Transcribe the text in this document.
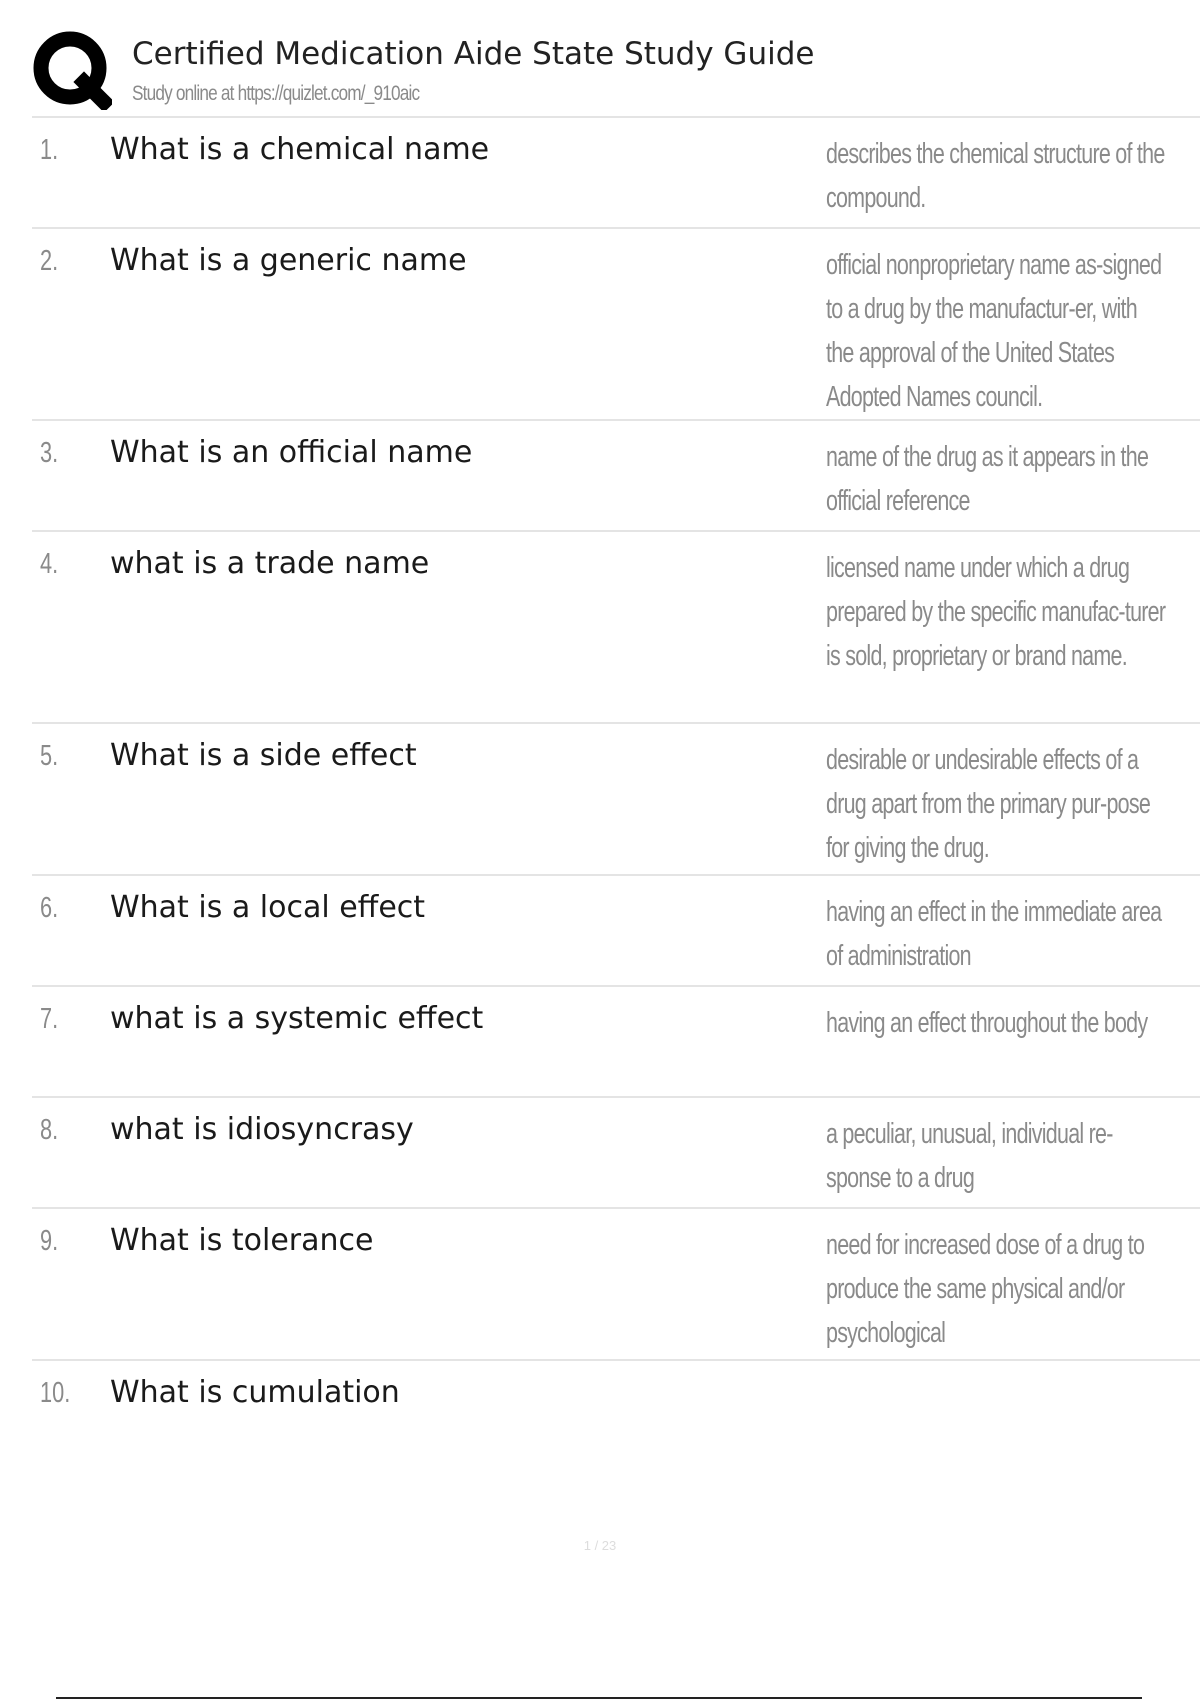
Certified Medication Aide State Study Guide
Study online at https://quizlet.com/_910aic
1. What is a chemical name	describes the chemical structure of the compound.
2. What is a generic name	official nonproprietary name as-signed to a drug by the manufactur-er, with the approval of the United States Adopted Names council.
3. What is an official name	name of the drug as it appears in the official reference
4. what is a trade name	licensed name under which a drug prepared by the specific manufac-turer is sold, proprietary or brand name.
5. What is a side effect	desirable or undesirable effects of a drug apart from the primary pur-pose for giving the drug.
6. What is a local effect	having an effect in the immediate area of administration
7. what is a systemic effect	having an effect throughout the body
8. what is idiosyncrasy	a peculiar, unusual, individual re-sponse to a drug
9. What is tolerance	need for increased dose of a drug to produce the same physical and/or psychological
10. What is cumulation
1 / 23
